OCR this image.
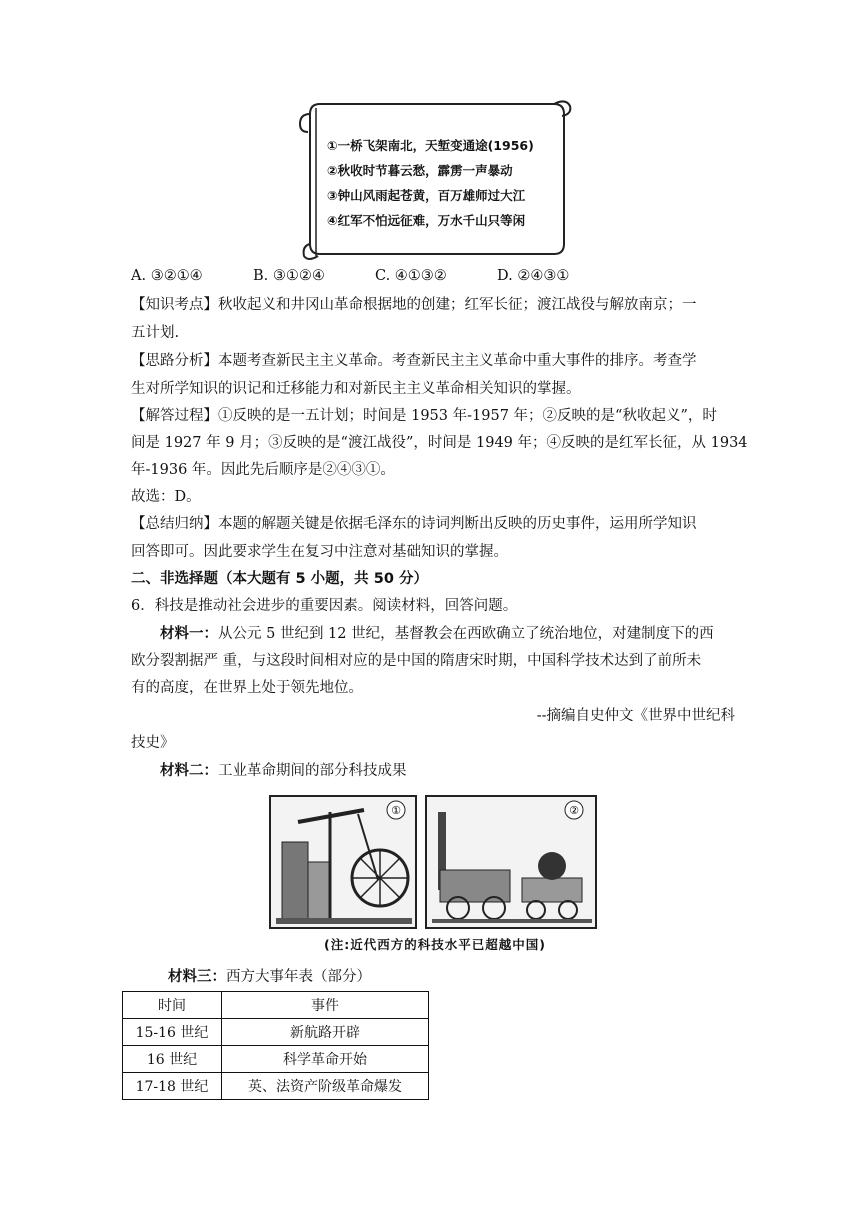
①一桥飞架南北，天堑变通途(1956)
②秋收时节暮云愁，霹雳一声暴动
③钟山风雨起苍黄，百万雄师过大江
④红军不怕远征难，万水千山只等闲
A. ③②①④	B. ③①②④	C. ④①③②	D. ②④③①
【知识考点】秋收起义和井冈山革命根据地的创建；红军长征；渡江战役与解放南京；一
五计划.
【思路分析】本题考查新民主主义革命。考查新民主主义革命中重大事件的排序。考查学
生对所学知识的识记和迁移能力和对新民主主义革命相关知识的掌握。
【解答过程】①反映的是一五计划；时间是 1953 年-1957 年；②反映的是“秋收起义”，时
间是 1927 年 9 月；③反映的是“渡江战役”，时间是 1949 年；④反映的是红军长征，从 1934
年-1936 年。因此先后顺序是②④③①。
故选：D。
【总结归纳】本题的解题关键是依据毛泽东的诗词判断出反映的历史事件，运用所学知识
回答即可。因此要求学生在复习中注意对基础知识的掌握。
二、非选择题（本大题有 5 小题，共 50 分）
6．科技是推动社会进步的重要因素。阅读材料，回答问题。
材料一：从公元 5 世纪到 12 世纪，基督教会在西欧确立了统治地位，对建制度下的西
欧分裂割据严 重，与这段时间相对应的是中国的隋唐宋时期，中国科学技术达到了前所未
有的高度，在世界上处于领先地位。
--摘编自史仲文《世界中世纪科
技史》
材料二：工业革命期间的部分科技成果
①	②
(注:近代西方的科技水平已超越中国)
材料三：西方大事年表（部分）
时间	事件
15-16 世纪	新航路开辟
16 世纪	科学革命开始
17-18 世纪	英、法资产阶级革命爆发
